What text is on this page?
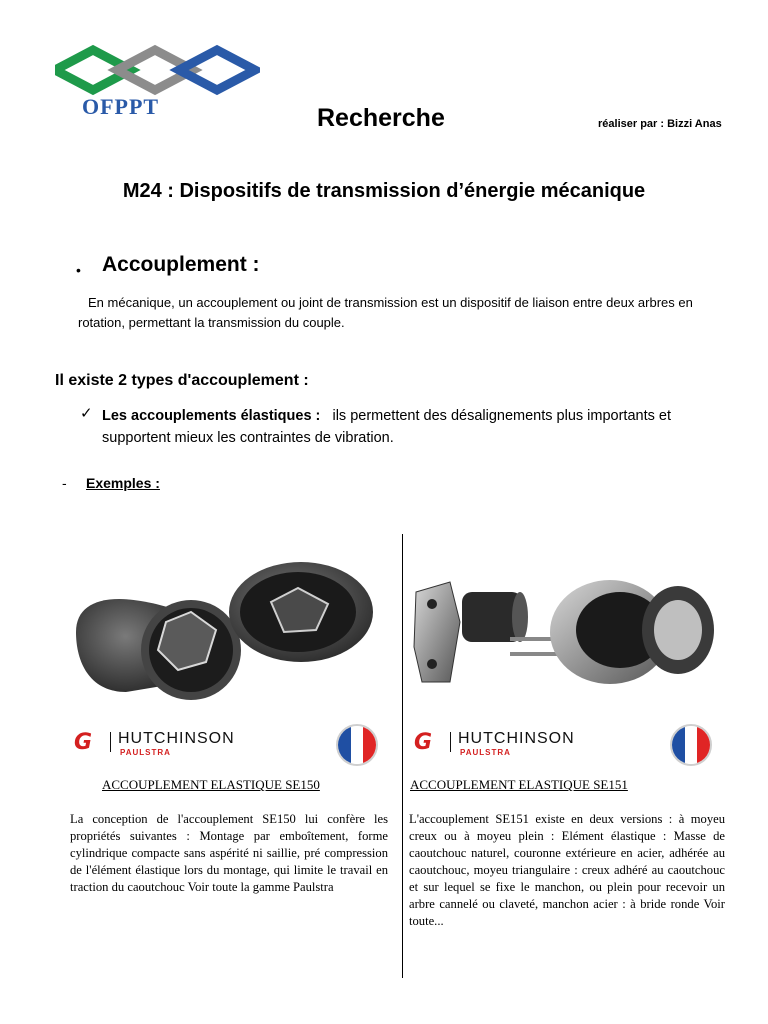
OFPPT	Recherche	réaliser par : Bizzi Anas
M24 : Dispositifs de transmission d’énergie mécanique
• Accouplement :
En mécanique, un accouplement ou joint de transmission est un dispositif de liaison entre deux arbres en rotation, permettant la transmission du couple.
Il existe 2 types d'accouplement :
✓ Les accouplements élastiques : ils permettent des désalignements plus importants et supportent mieux les contraintes de vibration.
- Exemples :
G HUTCHINSON
PAULSTRA	G HUTCHINSON
PAULSTRA
ACCOUPLEMENT ELASTIQUE SE150	ACCOUPLEMENT ELASTIQUE SE151
La conception de l'accouplement SE150 lui confère les propriétés suivantes : Montage par emboîtement, forme cylindrique compacte sans aspérité ni saillie, pré compression de l'élément élastique lors du montage, qui limite le travail en traction du caoutchouc Voir toute la gamme Paulstra
L'accouplement SE151 existe en deux versions : à moyeu creux ou à moyeu plein : Elément élastique : Masse de caoutchouc naturel, couronne extérieure en acier, adhérée au caoutchouc, moyeu triangulaire : creux adhéré au caoutchouc et sur lequel se fixe le manchon, ou plein pour recevoir un arbre cannelé ou claveté, manchon acier : à bride ronde Voir toute...
